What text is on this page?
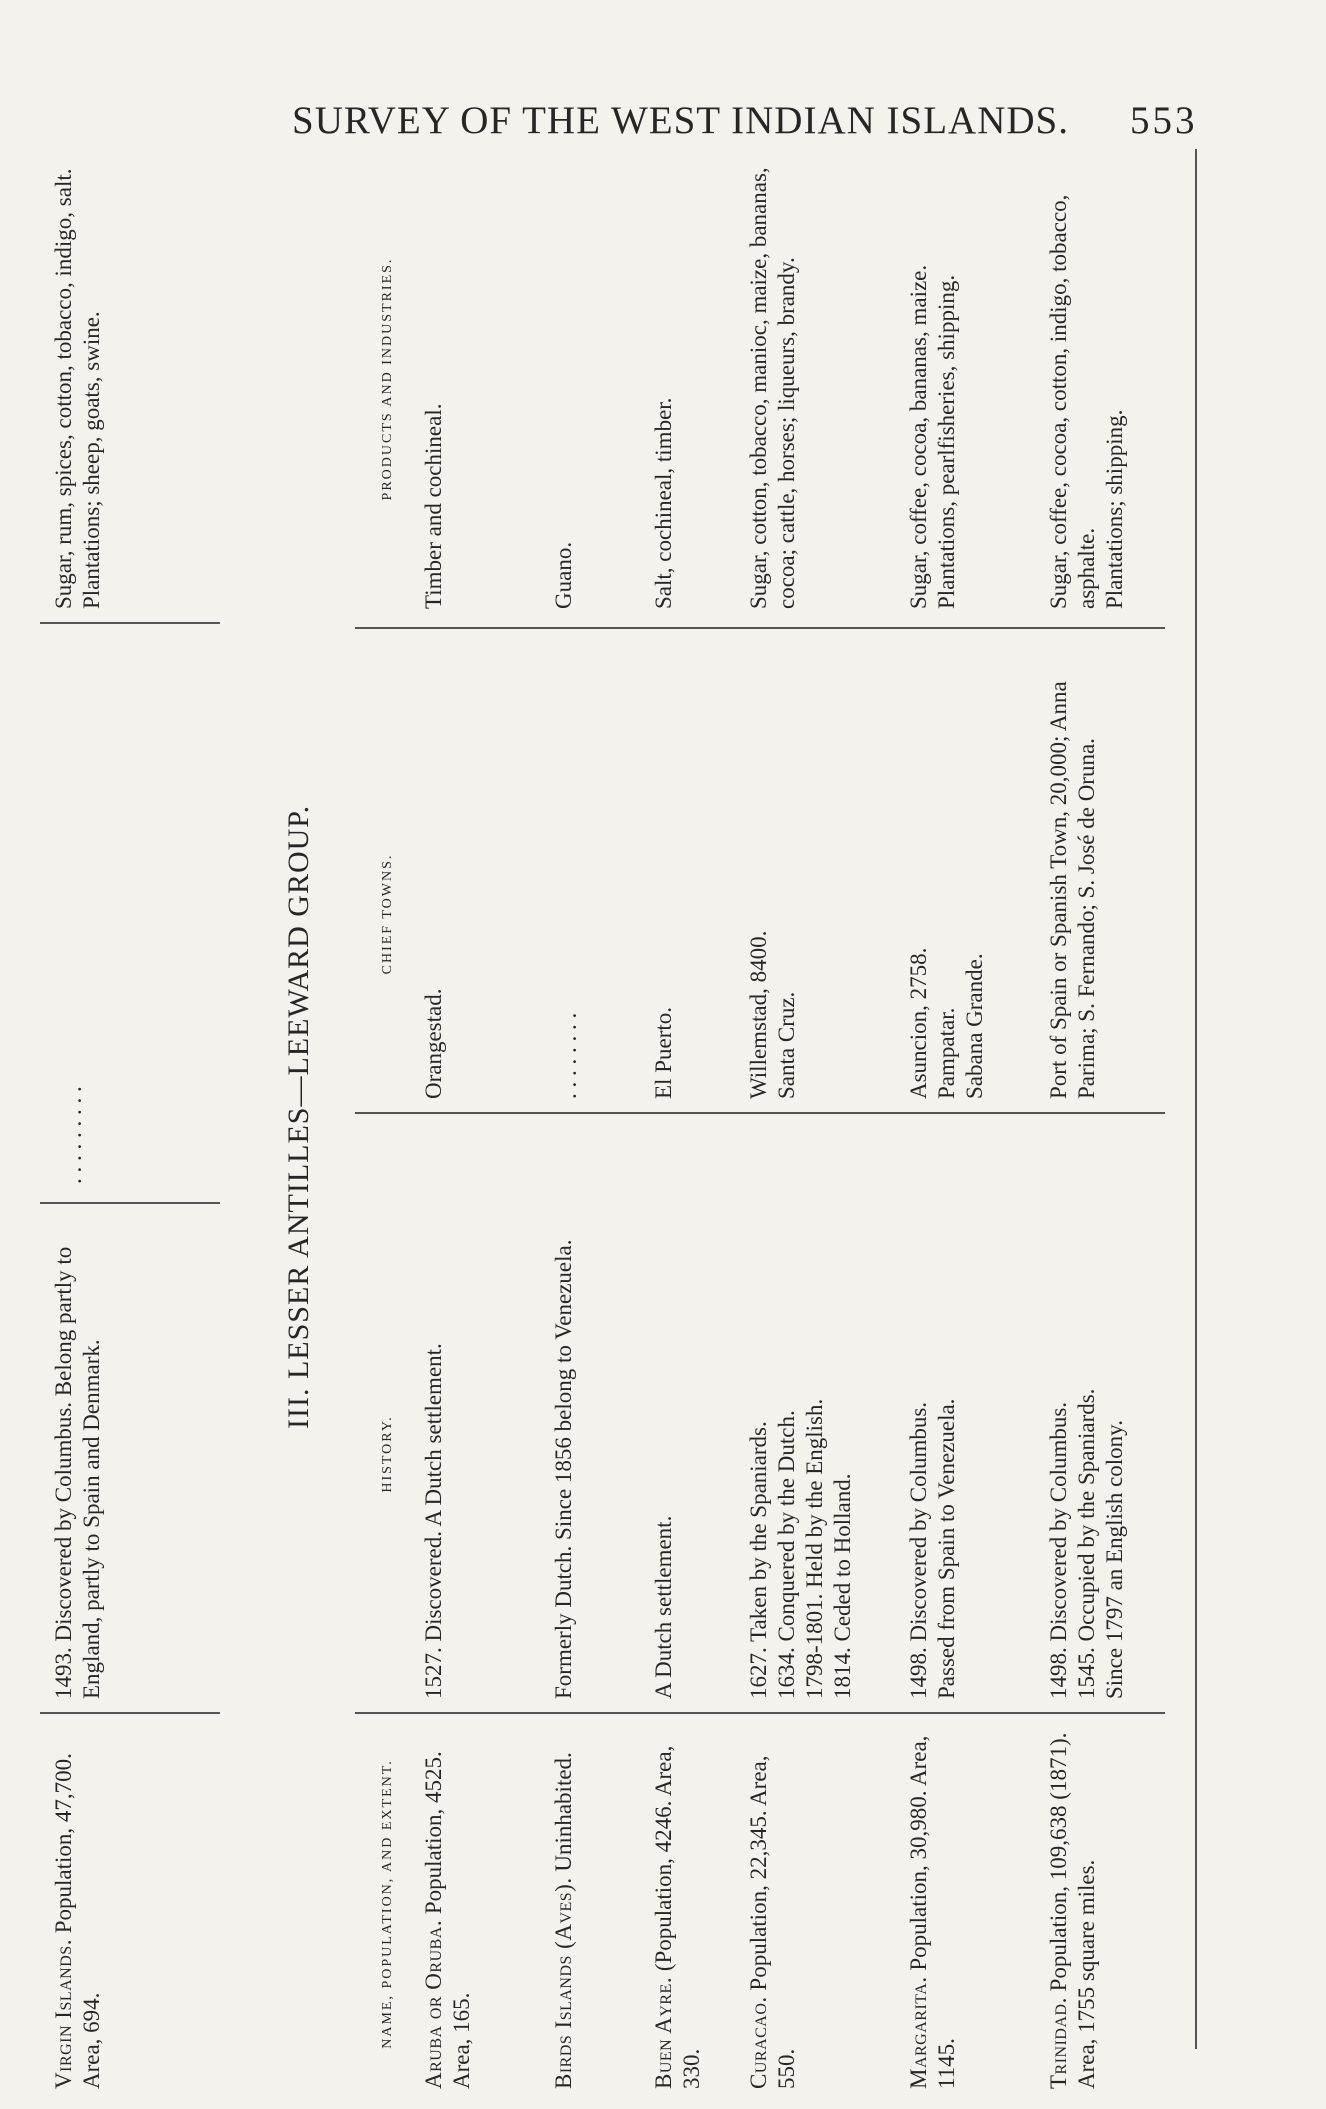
SURVEY OF THE WEST INDIAN ISLANDS. 553
Virgin Islands. Population, 47,700. Area, 694.
1493. Discovered by Columbus. Belong partly to England, partly to Spain and Denmark.
. . . . . . . . .
Sugar, rum, spices, cotton, tobacco, indigo, salt. Plantations; sheep, goats, swine.
III. LESSER ANTILLES—LEEWARD GROUP.
NAME, POPULATION, AND EXTENT.
HISTORY.
CHIEF TOWNS.
PRODUCTS AND INDUSTRIES.
Aruba or Oruba. Population, 4525. Area, 165.
1527. Discovered. A Dutch settlement.
Orangestad.
Timber and cochineal.
Birds Islands (Aves). Uninhabited.
Formerly Dutch. Since 1856 belong to Venezuela.
. . . . . . . .
Guano.
Buen Ayre. (Population, 4246. Area, 330.
A Dutch settlement.
El Puerto.
Salt, cochineal, timber.
Curacao. Population, 22,345. Area, 550.
1627. Taken by the Spaniards. 1634. Conquered by the Dutch. 1798-1801. Held by the English. 1814. Ceded to Holland.
Willemstad, 8400. Santa Cruz.
Sugar, cotton, tobacco, manioc, maize, bananas, cocoa; cattle, horses; liqueurs, brandy.
Margarita. Population, 30,980. Area, 1145.
1498. Discovered by Columbus. Passed from Spain to Venezuela.
Asuncion, 2758. Pampatar. Sabana Grande.
Sugar, coffee, cocoa, bananas, maize. Plantations, pearlfisheries, shipping.
Trinidad. Population, 109,638 (1871). Area, 1755 square miles.
1498. Discovered by Columbus. 1545. Occupied by the Spaniards. Since 1797 an English colony.
Port of Spain or Spanish Town, 20,000; Anna Parima; S. Fernando; S. José de Oruna.
Sugar, coffee, cocoa, cotton, indigo, tobacco, asphalte. Plantations; shipping.
